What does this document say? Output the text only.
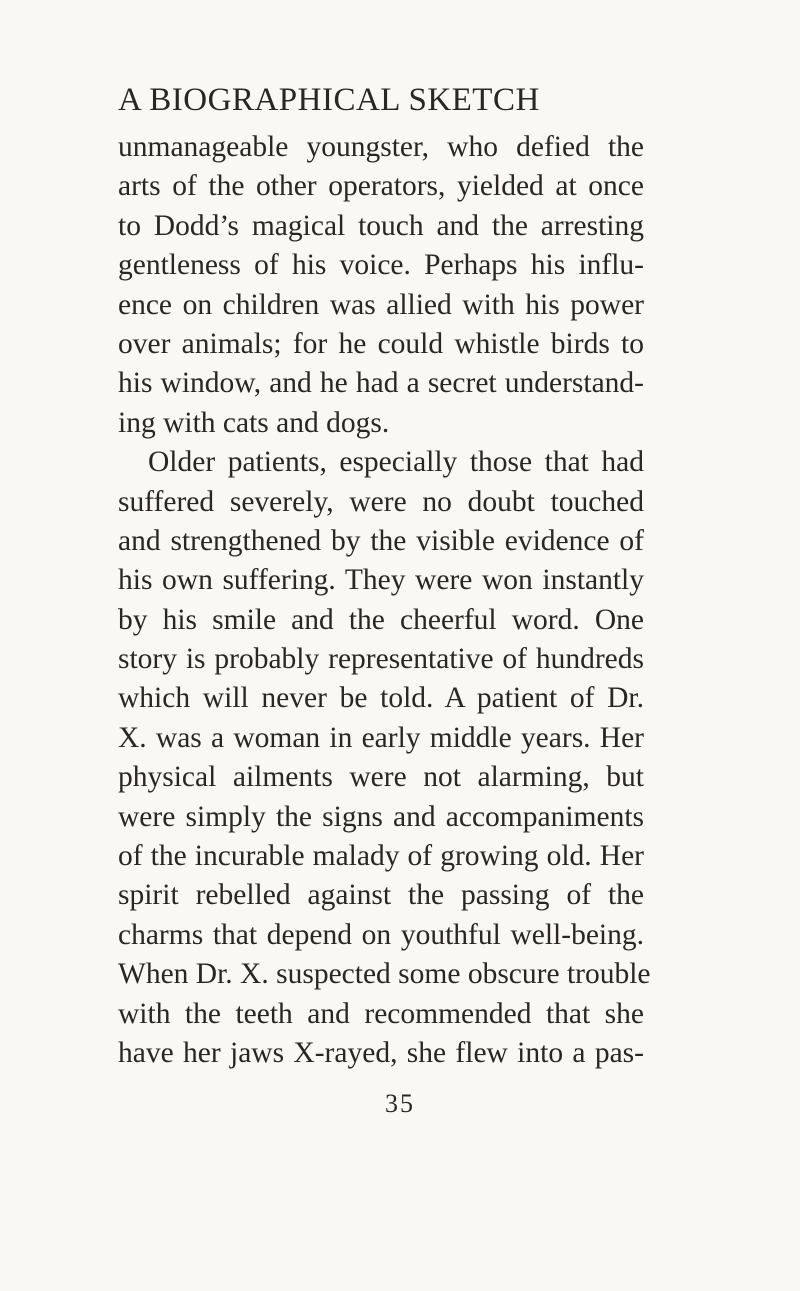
A BIOGRAPHICAL SKETCH
unmanageable youngster, who defied the
arts of the other operators, yielded at once
to Dodd’s magical touch and the arresting
gentleness of his voice. Perhaps his influ-
ence on children was allied with his power
over animals; for he could whistle birds to
his window, and he had a secret understand-
ing with cats and dogs.
Older patients, especially those that had
suffered severely, were no doubt touched
and strengthened by the visible evidence of
his own suffering. They were won instantly
by his smile and the cheerful word. One
story is probably representative of hundreds
which will never be told. A patient of Dr.
X. was a woman in early middle years. Her
physical ailments were not alarming, but
were simply the signs and accompaniments
of the incurable malady of growing old. Her
spirit rebelled against the passing of the
charms that depend on youthful well-being.
When Dr. X. suspected some obscure trouble
with the teeth and recommended that she
have her jaws X-rayed, she flew into a pas-
35
